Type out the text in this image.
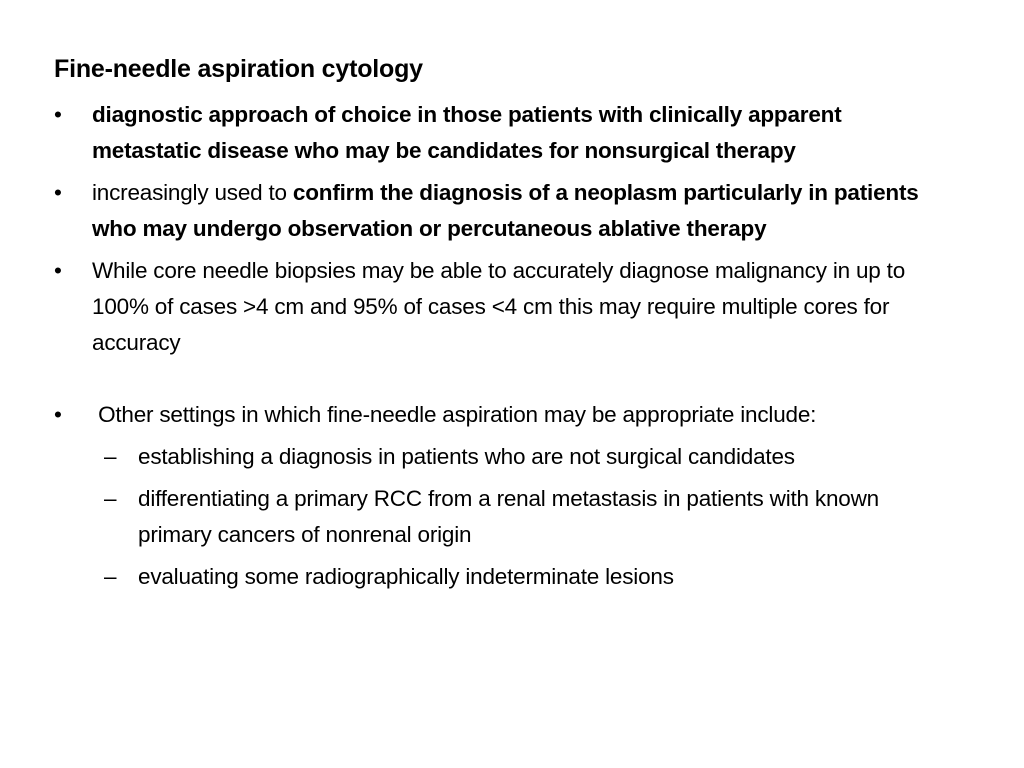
Fine-needle aspiration cytology
•	diagnostic approach of choice in those patients with clinically apparent metastatic disease who may be candidates for nonsurgical therapy
•	increasingly used to confirm the diagnosis of a neoplasm particularly in patients who may undergo observation or percutaneous ablative therapy
•	While core needle biopsies may be able to accurately diagnose malignancy in up to 100% of cases >4 cm and 95% of cases <4 cm this may require multiple cores for accuracy
•	Other settings in which fine-needle aspiration may be appropriate include:
– establishing a diagnosis in patients who are not surgical candidates
– differentiating a primary RCC from a renal metastasis in patients with known primary cancers of nonrenal origin
– evaluating some radiographically indeterminate lesions
